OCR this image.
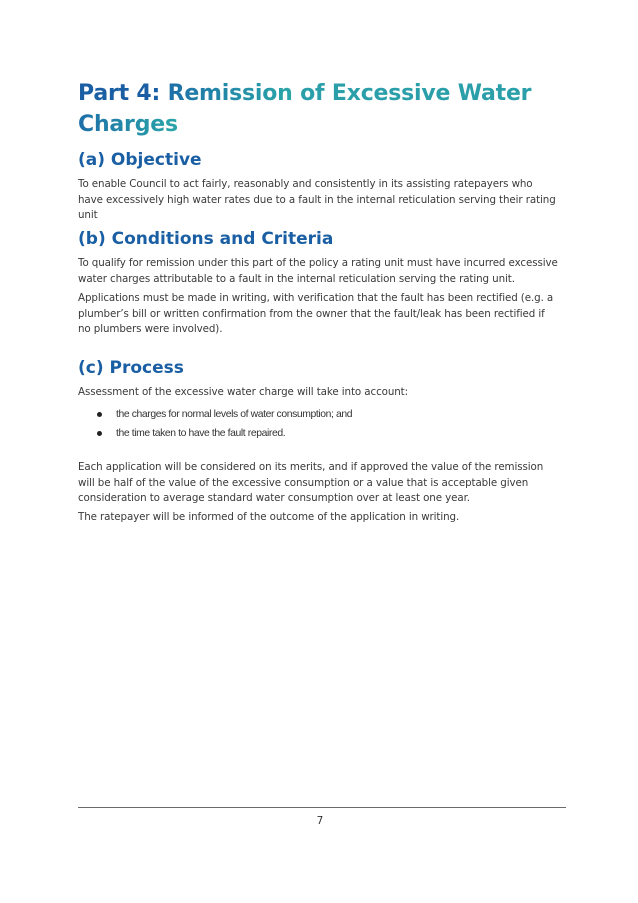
Part 4: Remission of Excessive Water
Charges
(a) Objective

To enable Council to act fairly, reasonably and consistently in its assisting ratepayers who have excessively high water rates due to a fault in the internal reticulation serving their rating unit

(b) Conditions and Criteria

To qualify for remission under this part of the policy a rating unit must have incurred excessive water charges attributable to a fault in the internal reticulation serving the rating unit.

Applications must be made in writing, with verification that the fault has been rectified (e.g. a plumber’s bill or written confirmation from the owner that the fault/leak has been rectified if no plumbers were involved).

(c) Process

Assessment of the excessive water charge will take into account:

the charges for normal levels of water consumption; and
the time taken to have the fault repaired.

Each application will be considered on its merits, and if approved the value of the remission will be half of the value of the excessive consumption or a value that is acceptable given consideration to average standard water consumption over at least one year.

The ratepayer will be informed of the outcome of the application in writing.

7
